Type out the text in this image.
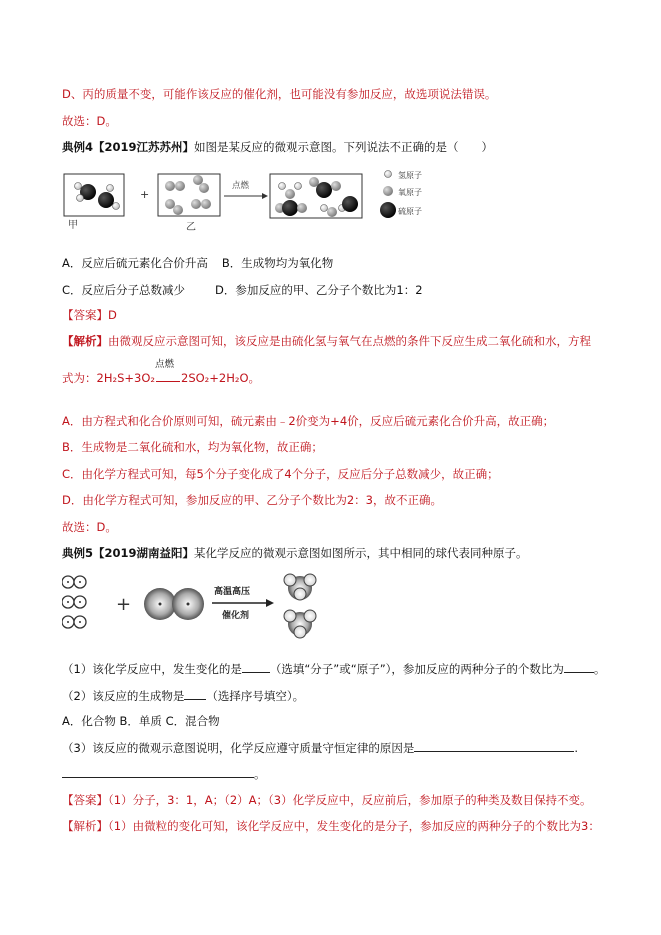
D、丙的质量不变，可能作该反应的催化剂，也可能没有参加反应，故选项说法错误。
故选：D。
典例4【2019江苏苏州】如图是某反应的微观示意图。下列说法不正确的是（　　）
甲
+
乙
点燃
氢原子
氧原子
硫原子
A．反应后硫元素化合价升高 B．生成物均为氧化物
C．反应后分子总数减少	D．参加反应的甲、乙分子个数比为1：2
【答案】D
【解析】由微观反应示意图可知，该反应是由硫化氢与氧气在点燃的条件下反应生成二氧化硫和水，方程
式为：2H₂S+3O₂
点燃
2SO₂+2H₂O。
A．由方程式和化合价原则可知，硫元素由﹣2价变为+4价，反应后硫元素化合价升高，故正确；
B．生成物是二氧化硫和水，均为氧化物，故正确；
C．由化学方程式可知，每5个分子变化成了4个分子，反应后分子总数减少，故正确；
D．由化学方程式可知，参加反应的甲、乙分子个数比为2：3，故不正确。
故选：D。
典例5【2019湖南益阳】某化学反应的微观示意图如图所示，其中相同的球代表同种原子。
+
高温高压
催化剂
（1）该化学反应中，发生变化的是 （选填“分子”或“原子”），参加反应的两种分子的个数比为	。
（2）该反应的生成物是 （选择序号填空）。
A．化合物 B．单质 C．混合物
（3）该反应的微观示意图说明，化学反应遵守质量守恒定律的原因是	.
。
【答案】（1）分子，3：1，A；（2）A；（3）化学反应中，反应前后，参加原子的种类及数目保持不变。
【解析】（1）由微粒的变化可知，该化学反应中，发生变化的是分子，参加反应的两种分子的个数比为3：
